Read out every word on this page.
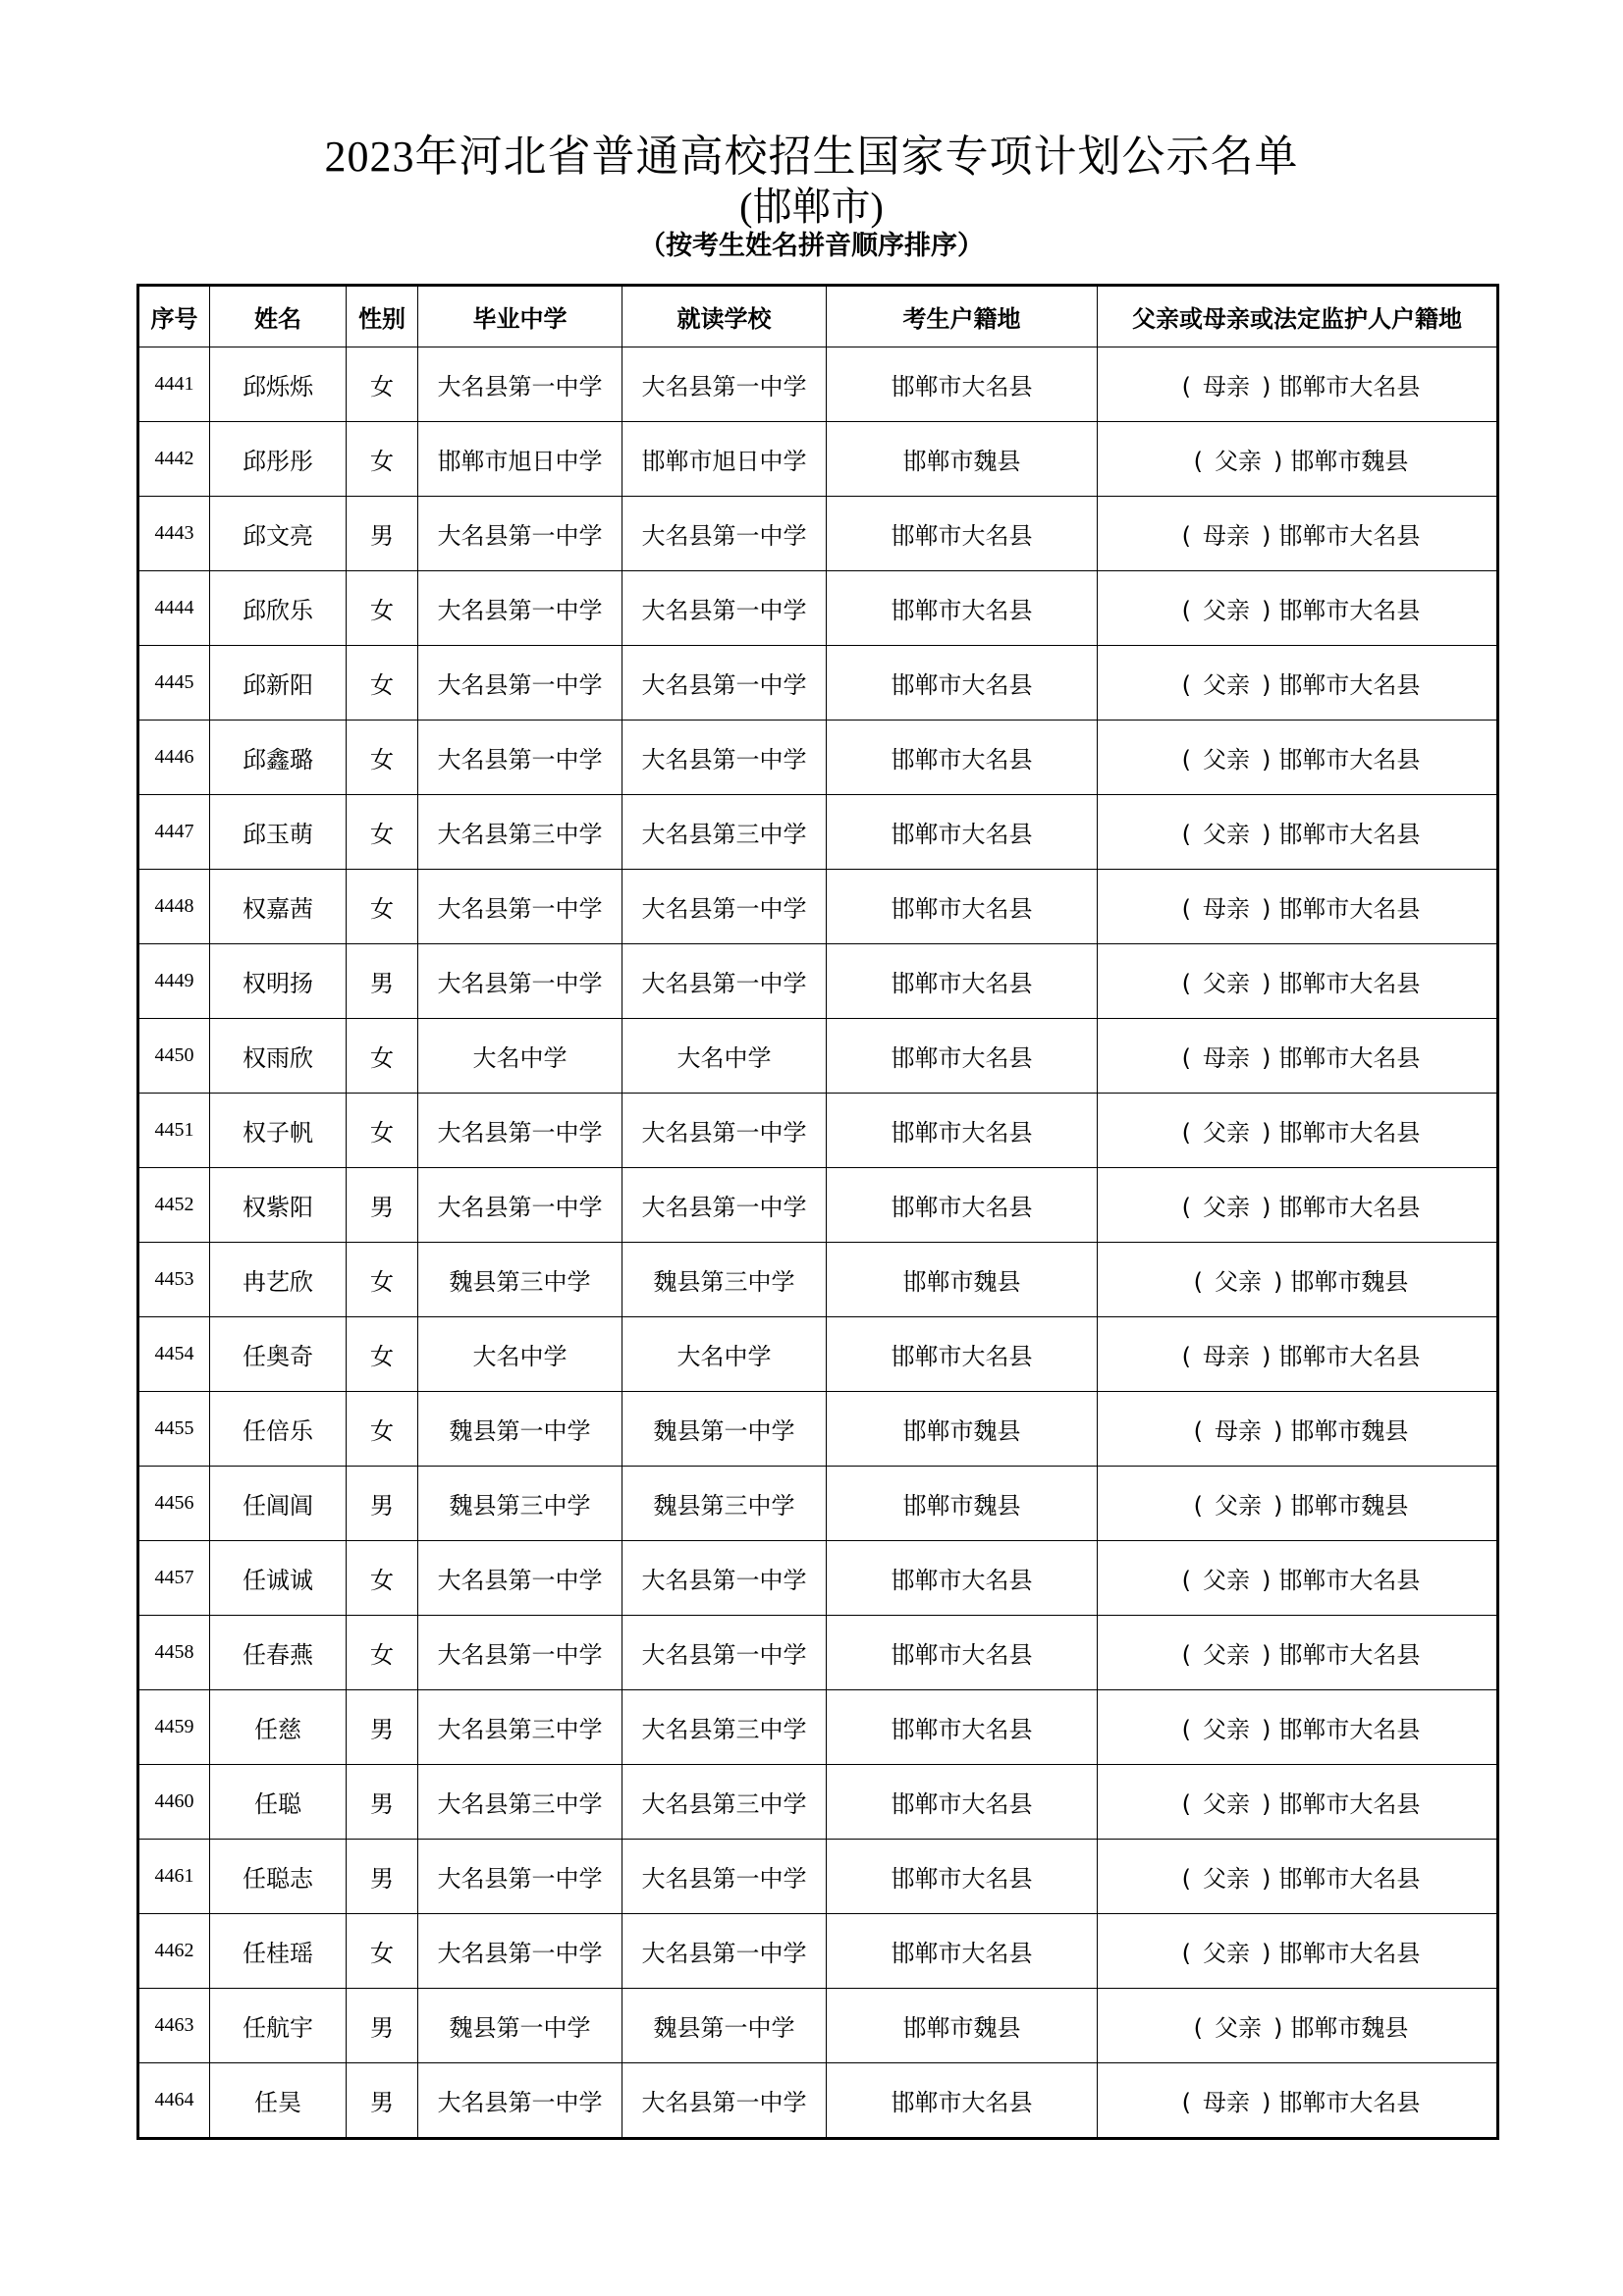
2023年河北省普通高校招生国家专项计划公示名单
(邯郸市)
（按考生姓名拼音顺序排序）
序号	姓名	性别	毕业中学	就读学校	考生户籍地	父亲或母亲或法定监护人户籍地
4441	邱烁烁	女	大名县第一中学	大名县第一中学	邯郸市大名县	( 母亲 ) 邯郸市大名县
4442	邱彤彤	女	邯郸市旭日中学	邯郸市旭日中学	邯郸市魏县	( 父亲 ) 邯郸市魏县
4443	邱文亮	男	大名县第一中学	大名县第一中学	邯郸市大名县	( 母亲 ) 邯郸市大名县
4444	邱欣乐	女	大名县第一中学	大名县第一中学	邯郸市大名县	( 父亲 ) 邯郸市大名县
4445	邱新阳	女	大名县第一中学	大名县第一中学	邯郸市大名县	( 父亲 ) 邯郸市大名县
4446	邱鑫璐	女	大名县第一中学	大名县第一中学	邯郸市大名县	( 父亲 ) 邯郸市大名县
4447	邱玉萌	女	大名县第三中学	大名县第三中学	邯郸市大名县	( 父亲 ) 邯郸市大名县
4448	权嘉茜	女	大名县第一中学	大名县第一中学	邯郸市大名县	( 母亲 ) 邯郸市大名县
4449	权明扬	男	大名县第一中学	大名县第一中学	邯郸市大名县	( 父亲 ) 邯郸市大名县
4450	权雨欣	女	大名中学	大名中学	邯郸市大名县	( 母亲 ) 邯郸市大名县
4451	权子帆	女	大名县第一中学	大名县第一中学	邯郸市大名县	( 父亲 ) 邯郸市大名县
4452	权紫阳	男	大名县第一中学	大名县第一中学	邯郸市大名县	( 父亲 ) 邯郸市大名县
4453	冉艺欣	女	魏县第三中学	魏县第三中学	邯郸市魏县	( 父亲 ) 邯郸市魏县
4454	任奥奇	女	大名中学	大名中学	邯郸市大名县	( 母亲 ) 邯郸市大名县
4455	任倍乐	女	魏县第一中学	魏县第一中学	邯郸市魏县	( 母亲 ) 邯郸市魏县
4456	任阊阊	男	魏县第三中学	魏县第三中学	邯郸市魏县	( 父亲 ) 邯郸市魏县
4457	任诚诚	女	大名县第一中学	大名县第一中学	邯郸市大名县	( 父亲 ) 邯郸市大名县
4458	任春燕	女	大名县第一中学	大名县第一中学	邯郸市大名县	( 父亲 ) 邯郸市大名县
4459	任慈	男	大名县第三中学	大名县第三中学	邯郸市大名县	( 父亲 ) 邯郸市大名县
4460	任聪	男	大名县第三中学	大名县第三中学	邯郸市大名县	( 父亲 ) 邯郸市大名县
4461	任聪志	男	大名县第一中学	大名县第一中学	邯郸市大名县	( 父亲 ) 邯郸市大名县
4462	任桂瑶	女	大名县第一中学	大名县第一中学	邯郸市大名县	( 父亲 ) 邯郸市大名县
4463	任航宇	男	魏县第一中学	魏县第一中学	邯郸市魏县	( 父亲 ) 邯郸市魏县
4464	任昊	男	大名县第一中学	大名县第一中学	邯郸市大名县	( 母亲 ) 邯郸市大名县
